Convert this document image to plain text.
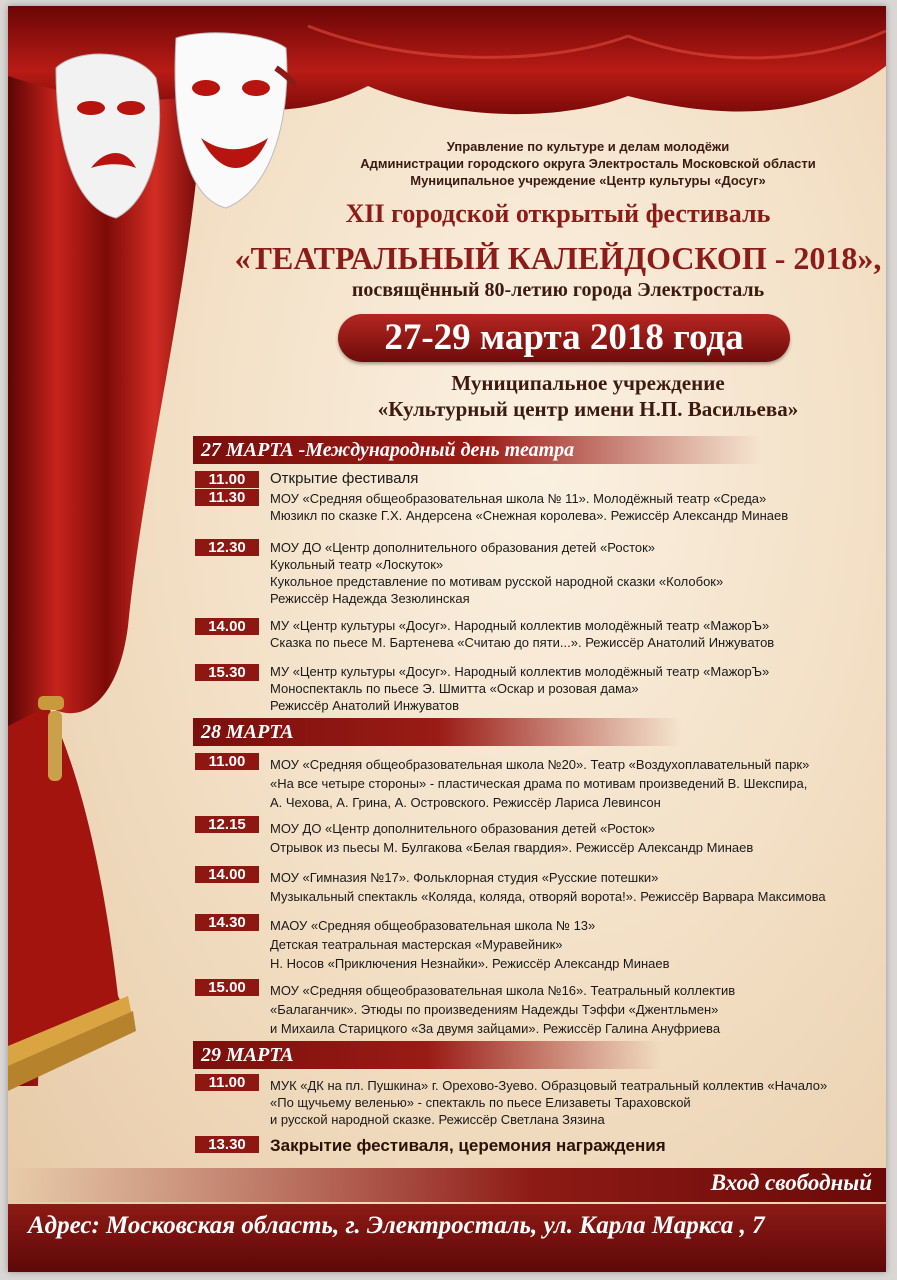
Управление по культуре и делам молодёжи
Администрации городского округа Электросталь Московской области
Муниципальное учреждение «Центр культуры «Досуг»
XII городской открытый фестиваль
«ТЕАТРАЛЬНЫЙ КАЛЕЙДОСКОП - 2018»,
посвящённый 80-летию города Электросталь
27-29 марта 2018 года
Муниципальное учреждение
«Культурный центр имени Н.П. Васильева»
27 МАРТА -Международный день театра
11.00	Открытие фестиваля
11.30	МОУ «Средняя общеобразовательная школа № 11». Молодёжный театр «Среда»
Мюзикл по сказке Г.Х. Андерсена «Снежная королева». Режиссёр Александр Минаев
12.30	МОУ ДО «Центр дополнительного образования детей «Росток»
Кукольный театр «Лоскуток»
Кукольное представление по мотивам русской народной сказки «Колобок»
Режиссёр Надежда Зезюлинская
14.00	МУ «Центр культуры «Досуг». Народный коллектив молодёжный театр «МажорЪ»
Сказка по пьесе М. Бартенева «Считаю до пяти...». Режиссёр Анатолий Инжуватов
15.30	МУ «Центр культуры «Досуг». Народный коллектив молодёжный театр «МажорЪ»
Моноспектакль по пьесе Э. Шмитта «Оскар и розовая дама»
Режиссёр Анатолий Инжуватов
28 МАРТА
11.00	МОУ «Средняя общеобразовательная школа №20». Театр «Воздухоплавательный парк»
«На все четыре стороны» - пластическая драма по мотивам произведений В. Шекспира,
А. Чехова, А. Грина, А. Островского. Режиссёр Лариса Левинсон
12.15	МОУ ДО «Центр дополнительного образования детей «Росток»
Отрывок из пьесы М. Булгакова «Белая гвардия». Режиссёр Александр Минаев
14.00	МОУ «Гимназия №17». Фольклорная студия «Русские потешки»
Музыкальный спектакль «Коляда, коляда, отворяй ворота!». Режиссёр Варвара Максимова
14.30	МАОУ «Средняя общеобразовательная школа № 13»
Детская театральная мастерская «Муравейник»
Н. Носов «Приключения Незнайки». Режиссёр Александр Минаев
15.00	МОУ «Средняя общеобразовательная школа №16». Театральный коллектив
«Балаганчик». Этюды по произведениям Надежды Тэффи «Джентльмен»
и Михаила Старицкого «За двумя зайцами». Режиссёр Галина Ануфриева
29 МАРТА
11.00	МУК «ДК на пл. Пушкина» г. Орехово-Зуево. Образцовый театральный коллектив «Начало»
«По щучьему веленью» - спектакль по пьесе Елизаветы Тараховской
и русской народной сказке. Режиссёр Светлана Зязина
13.30	Закрытие фестиваля, церемония награждения
Вход свободный
Адрес: Московская область, г. Электросталь, ул. Карла Маркса , 7
